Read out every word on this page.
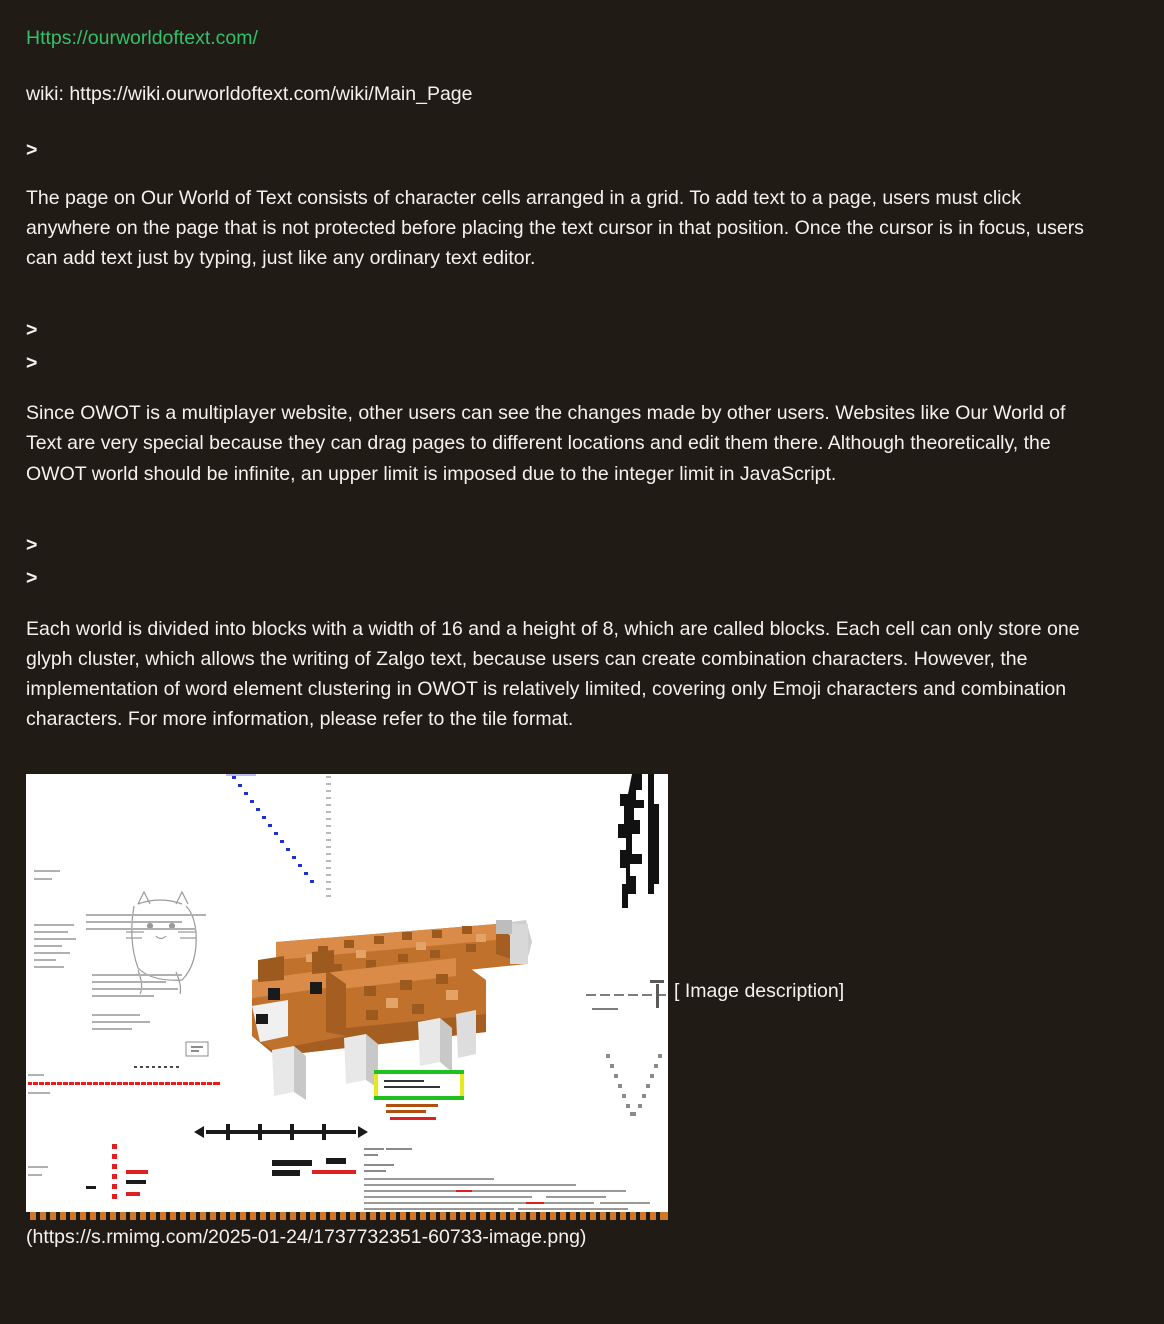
Https://ourworldoftext.com/

wiki: https://wiki.ourworldoftext.com/wiki/Main_Page

>

The page on Our World of Text consists of character cells arranged in a grid. To add text to a page, users must click anywhere on the page that is not protected before placing the text cursor in that position. Once the cursor is in focus, users can add text just by typing, just like any ordinary text editor.

>

>

Since OWOT is a multiplayer website, other users can see the changes made by other users. Websites like Our World of Text are very special because they can drag pages to different locations and edit them there. Although theoretically, the OWOT world should be infinite, an upper limit is imposed due to the integer limit in JavaScript.

>

>

Each world is divided into blocks with a width of 16 and a height of 8, which are called blocks. Each cell can only store one glyph cluster, which allows the writing of Zalgo text, because users can create combination characters. However, the implementation of word element clustering in OWOT is relatively limited, covering only Emoji characters and combination characters. For more information, please refer to the tile format.

[ Image description]

(https://s.rmimg.com/2025-01-24/1737732351-60733-image.png)
